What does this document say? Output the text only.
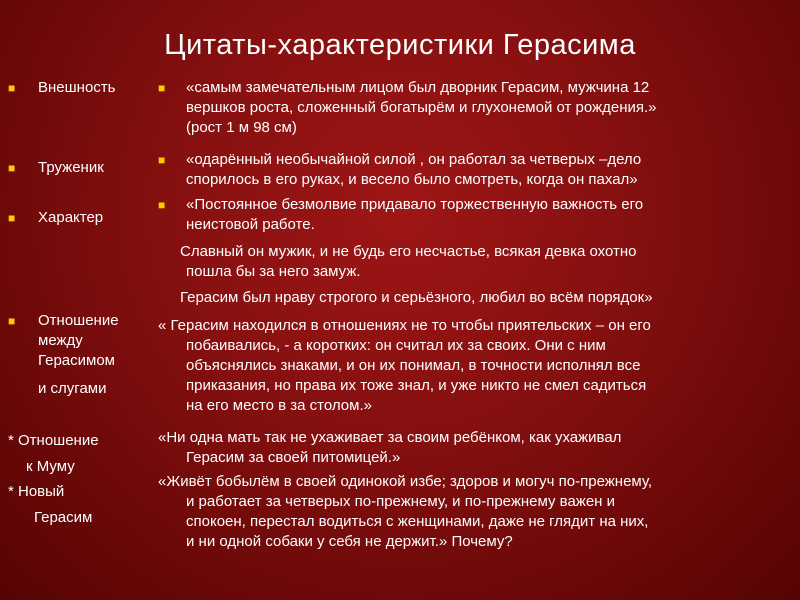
Цитаты-характеристики Герасима
■ Внешность
■ Труженик
■ Характер
■ Отношение
между
Герасимом
и слугами
* Отношение
к Муму
* Новый
Герасим
■ «самым замечательным лицом был дворник Герасим, мужчина 12
вершков роста, сложенный богатырём и глухонемой от рождения.»
(рост 1 м 98 см)
■ «одарённый необычайной силой , он работал за четверых –дело
спорилось в его руках, и весело было смотреть, когда он пахал»
■ «Постоянное безмолвие придавало торжественную важность его
неистовой работе.
Славный он мужик, и не будь его несчастье, всякая девка охотно
пошла бы за него замуж.
Герасим был нраву строгого и серьёзного, любил во всём порядок»
« Герасим находился в отношениях не то чтобы приятельских – он его
побаивались, - а коротких: он считал их за своих. Они с ним
объяснялись знаками, и он их понимал, в точности исполнял все
приказания, но права их тоже знал, и уже никто не смел садиться
на его место в за столом.»
«Ни одна мать так не ухаживает за своим ребёнком, как ухаживал
Герасим за своей питомицей.»
«Живёт бобылём в своей одинокой избе; здоров и могуч по-прежнему,
и работает за четверых по-прежнему, и по-прежнему важен и
спокоен, перестал водиться с женщинами, даже не глядит на них,
и ни одной собаки у себя не держит.» Почему?
